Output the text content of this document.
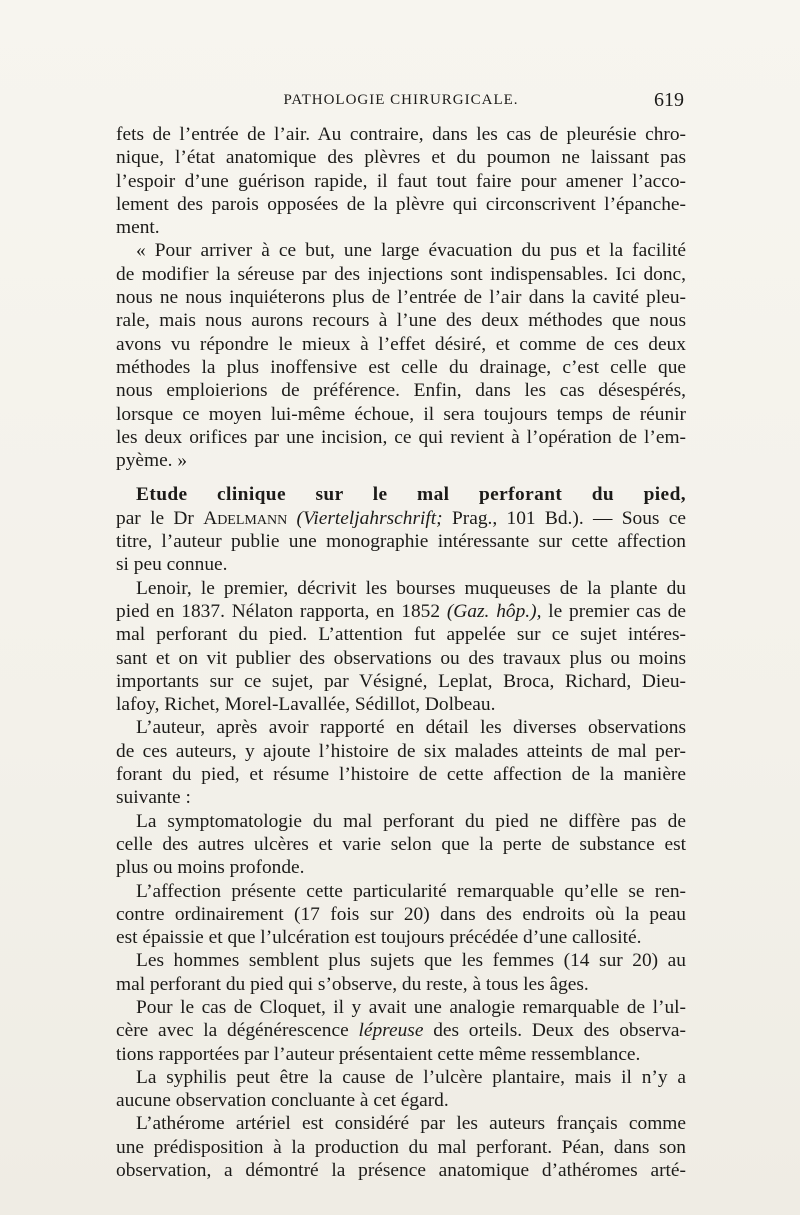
PATHOLOGIE CHIRURGICALE.	619
fets de l’entrée de l’air. Au contraire, dans les cas de pleurésie chro-
nique, l’état anatomique des plèvres et du poumon ne laissant pas
l’espoir d’une guérison rapide, il faut tout faire pour amener l’acco-
lement des parois opposées de la plèvre qui circonscrivent l’épanche-
ment.
« Pour arriver à ce but, une large évacuation du pus et la facilité
de modifier la séreuse par des injections sont indispensables. Ici donc,
nous ne nous inquiéterons plus de l’entrée de l’air dans la cavité pleu-
rale, mais nous aurons recours à l’une des deux méthodes que nous
avons vu répondre le mieux à l’effet désiré, et comme de ces deux
méthodes la plus inoffensive est celle du drainage, c’est celle que
nous emploierions de préférence. Enfin, dans les cas désespérés,
lorsque ce moyen lui-même échoue, il sera toujours temps de réunir
les deux orifices par une incision, ce qui revient à l’opération de l’em-
pyème. »
Etude clinique sur le mal perforant du pied,
par le Dr Adelmann (Vierteljahrschrift; Prag., 101 Bd.). — Sous ce
titre, l’auteur publie une monographie intéressante sur cette affection
si peu connue.
Lenoir, le premier, décrivit les bourses muqueuses de la plante du
pied en 1837. Nélaton rapporta, en 1852 (Gaz. hôp.), le premier cas de
mal perforant du pied. L’attention fut appelée sur ce sujet intéres-
sant et on vit publier des observations ou des travaux plus ou moins
importants sur ce sujet, par Vésigné, Leplat, Broca, Richard, Dieu-
lafoy, Richet, Morel-Lavallée, Sédillot, Dolbeau.
L’auteur, après avoir rapporté en détail les diverses observations
de ces auteurs, y ajoute l’histoire de six malades atteints de mal per-
forant du pied, et résume l’histoire de cette affection de la manière
suivante :
La symptomatologie du mal perforant du pied ne diffère pas de
celle des autres ulcères et varie selon que la perte de substance est
plus ou moins profonde.
L’affection présente cette particularité remarquable qu’elle se ren-
contre ordinairement (17 fois sur 20) dans des endroits où la peau
est épaissie et que l’ulcération est toujours précédée d’une callosité.
Les hommes semblent plus sujets que les femmes (14 sur 20) au
mal perforant du pied qui s’observe, du reste, à tous les âges.
Pour le cas de Cloquet, il y avait une analogie remarquable de l’ul-
cère avec la dégénérescence lépreuse des orteils. Deux des observa-
tions rapportées par l’auteur présentaient cette même ressemblance.
La syphilis peut être la cause de l’ulcère plantaire, mais il n’y a
aucune observation concluante à cet égard.
L’athérome artériel est considéré par les auteurs français comme
une prédisposition à la production du mal perforant. Péan, dans son
observation, a démontré la présence anatomique d’athéromes arté-
